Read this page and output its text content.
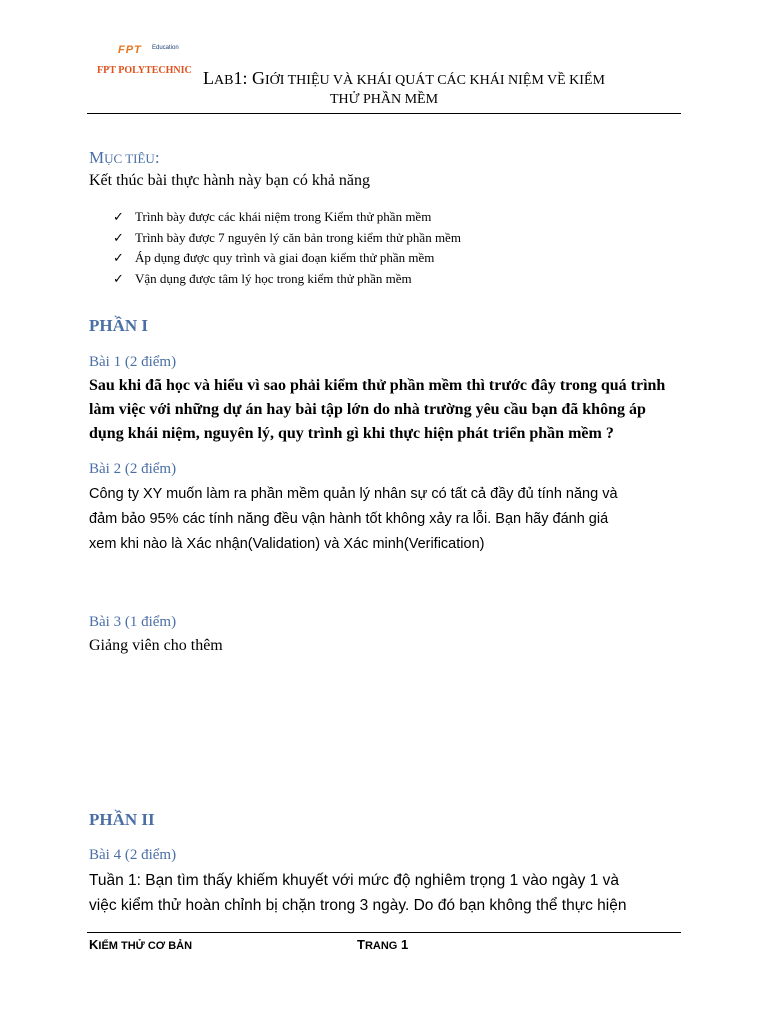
FPT Education
FPT POLYTECHNIC LAB1: GIỚI THIỆU VÀ KHÁI QUÁT CÁC KHÁI NIỆM VỀ KIỂM
THỬ PHẦN MỀM
MỤC TIÊU:
Kết thúc bài thực hành này bạn có khả năng
✓ Trình bày được các khái niệm trong Kiểm thử phần mềm
✓ Trình bày được 7 nguyên lý căn bản trong kiểm thử phần mềm
✓ Áp dụng được quy trình và giai đoạn kiểm thử phần mềm
✓ Vận dụng được tâm lý học trong kiểm thử phần mềm
PHẦN I
Bài 1 (2 điểm)
Sau khi đã học và hiểu vì sao phải kiểm thử phần mềm thì trước đây trong quá trình
làm việc với những dự án hay bài tập lớn do nhà trường yêu cầu bạn đã không áp
dụng khái niệm, nguyên lý, quy trình gì khi thực hiện phát triển phần mềm ?
Bài 2 (2 điểm)
Công ty XY muốn làm ra phần mềm quản lý nhân sự có tất cả đầy đủ tính năng và
đảm bảo 95% các tính năng đều vận hành tốt không xảy ra lỗi. Bạn hãy đánh giá
xem khi nào là Xác nhận(Validation) và Xác minh(Verification)
Bài 3 (1 điểm)
Giảng viên cho thêm
PHẦN II
Bài 4 (2 điểm)
Tuần 1: Bạn tìm thấy khiếm khuyết với mức độ nghiêm trọng 1 vào ngày 1 và
việc kiểm thử hoàn chỉnh bị chặn trong 3 ngày. Do đó bạn không thể thực hiện
KIỂM THỬ CƠ BẢN	TRANG 1
